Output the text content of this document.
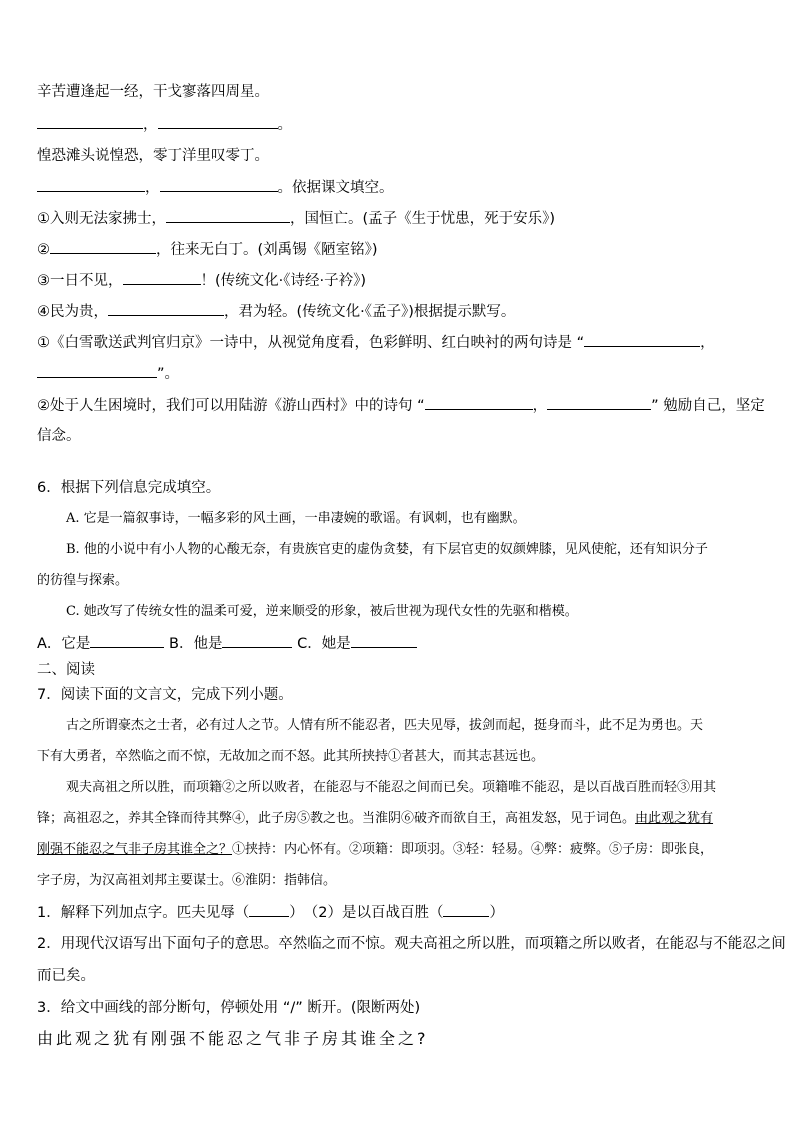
辛苦遭逢起一经，干戈寥落四周星。
，	。
惶恐滩头说惶恐，零丁洋里叹零丁。
，	。依据课文填空。
①入则无法家拂士，	，国恒亡。(孟子《生于忧患，死于安乐》)
②	，往来无白丁。(刘禹锡《陋室铭》)
③一日不见，	！(传统文化·《诗经·子衿》)
④民为贵，	，君为轻。(传统文化·《孟子》)根据提示默写。
①《白雪歌送武判官归京》一诗中，从视觉角度看，色彩鲜明、红白映衬的两句诗是 “	，
”。
②处于人生困境时，我们可以用陆游《游山西村》中的诗句 “	，	” 勉励自己，坚定
信念。
6．根据下列信息完成填空。
A. 它是一篇叙事诗，一幅多彩的风土画，一串凄婉的歌谣。有讽刺，也有幽默。
B. 他的小说中有小人物的心酸无奈，有贵族官吏的虚伪贪婪，有下层官吏的奴颜婢膝，见风使舵，还有知识分子
的彷徨与探索。
C. 她改写了传统女性的温柔可爱，逆来顺受的形象，被后世视为现代女性的先驱和楷模。
A．它是	B．他是	C．她是
二、阅读
7．阅读下面的文言文，完成下列小题。
古之所谓豪杰之士者，必有过人之节。人情有所不能忍者，匹夫见辱，拔剑而起，挺身而斗，此不足为勇也。天
下有大勇者，卒然临之而不惊，无故加之而不怒。此其所挟持①者甚大，而其志甚远也。
观夫高祖之所以胜，而项籍②之所以败者，在能忍与不能忍之间而已矣。项籍唯不能忍，是以百战百胜而轻③用其
锋；高祖忍之，养其全锋而待其弊④，此子房⑤教之也。当淮阴⑥破齐而欲自王，高祖发怒，见于词色。由此观之犹有
刚强不能忍之气非子房其谁全之？①挟持：内心怀有。②项籍：即项羽。③轻：轻易。④弊：疲弊。⑤子房：即张良，
字子房，为汉高祖刘邦主要谋士。⑥淮阴：指韩信。
1．解释下列加点字。匹夫见辱（	）　（2）是以百战百胜（	）
2．用现代汉语写出下面句子的意思。卒然临之而不惊。观夫高祖之所以胜，而项籍之所以败者，在能忍与不能忍之间
而已矣。
3．给文中画线的部分断句，停顿处用 “/” 断开。(限断两处)
由此观之犹有刚强不能忍之气非子房其谁全之?
